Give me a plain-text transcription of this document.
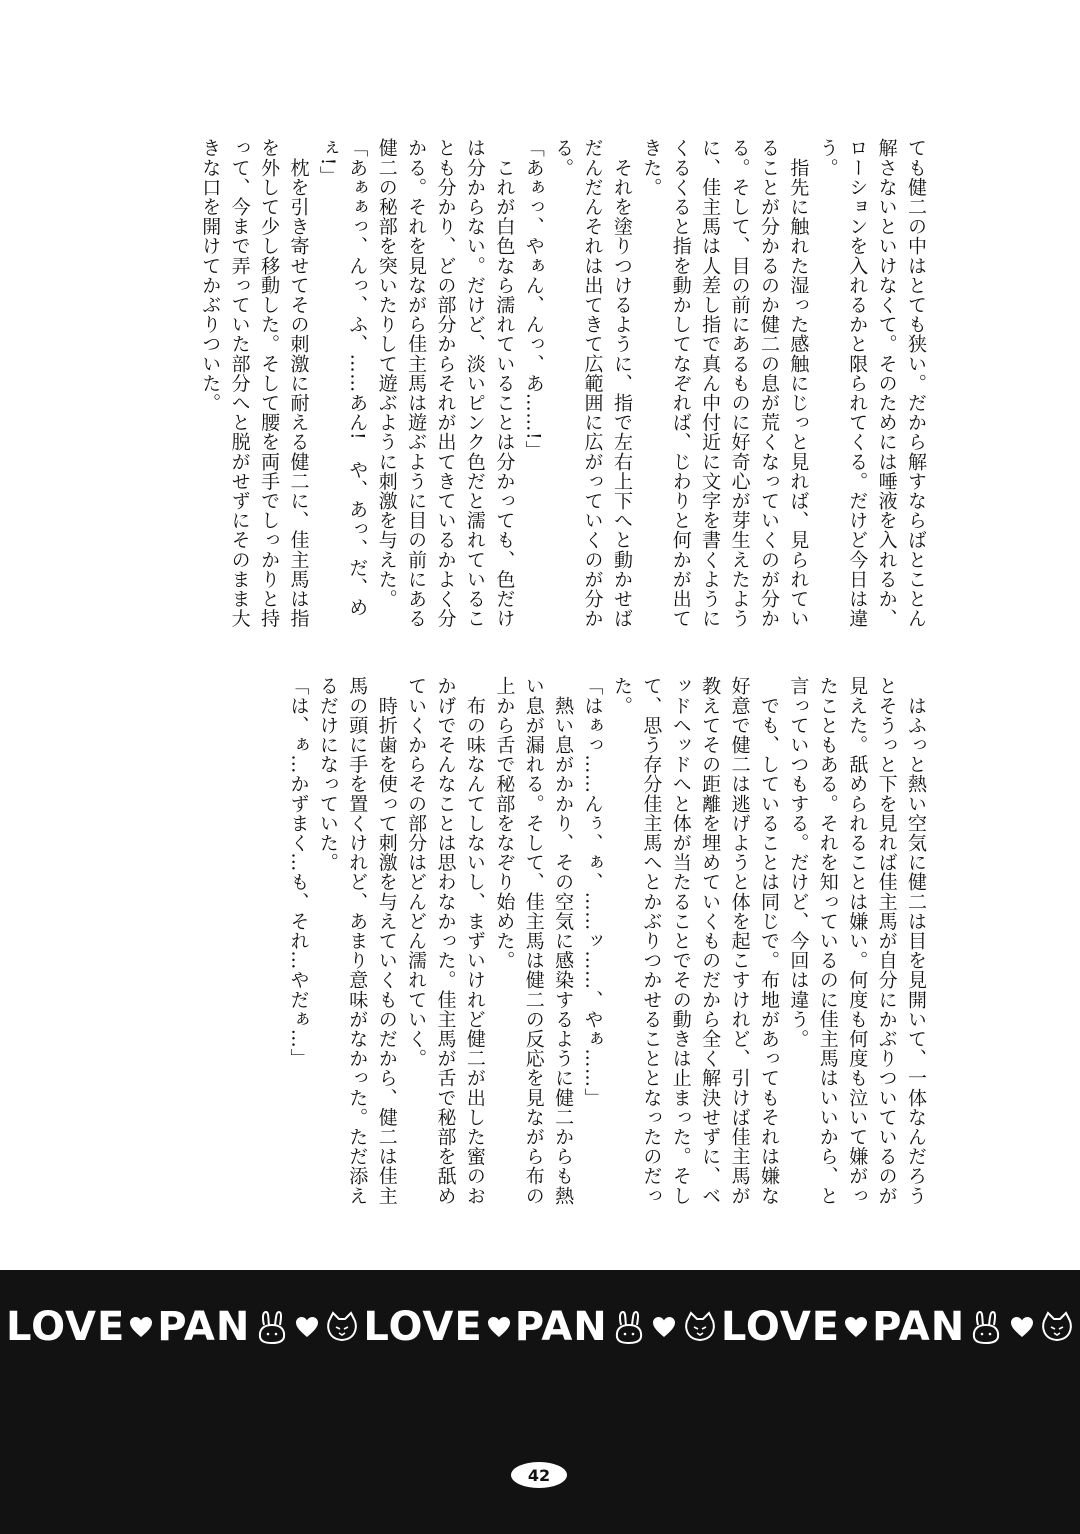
ても健二の中はとても狭い。だから解すならばとことん解さないといけなくて。そのためには唾液を入れるか、ローションを入れるかと限られてくる。だけど今日は違う。

　指先に触れた湿った感触にじっと見れば、見られていることが分かるのか健二の息が荒くなっていくのが分かる。そして、目の前にあるものに好奇心が芽生えたように、佳主馬は人差し指で真ん中付近に文字を書くようにくるくると指を動かしてなぞれば、じわりと何かが出てきた。

　それを塗りつけるように、指で左右上下へと動かせばだんだんそれは出てきて広範囲に広がっていくのが分かる。

「あぁっ、やぁん、んっ、あ……!」

　これが白色なら濡れていることは分かっても、色だけは分からない。だけど、淡いピンク色だと濡れていることも分かり、どの部分からそれが出てきているかよく分かる。それを見ながら佳主馬は遊ぶように目の前にある健二の秘部を突いたりして遊ぶように刺激を与えた。

「あぁぁっ、んっ、ふ、……あん!　や、あっ、だ、めぇ!」

　枕を引き寄せてその刺激に耐える健二に、佳主馬は指を外して少し移動した。そして腰を両手でしっかりと持って、今まで弄っていた部分へと脱がせずにそのまま大きな口を開けてかぶりついた。

　はふっと熱い空気に健二は目を見開いて、一体なんだろうとそうっと下を見れば佳主馬が自分にかぶりついているのが見えた。舐められることは嫌い。何度も何度も泣いて嫌がったこともある。それを知っているのに佳主馬はいいから、と言っていつもする。だけど、今回は違う。

　でも、していることは同じで。布地があってもそれは嫌な好意で健二は逃げようと体を起こすけれど、引けば佳主馬が教えてその距離を埋めていくものだから全く解決せずに、ベッドヘッドへと体が当たることでその動きは止まった。そして、思う存分佳主馬へとかぶりつかせることとなったのだった。

「はぁっ……んぅ、ぁ、……ッ……、やぁ……」

　熱い息がかかり、その空気に感染するように健二からも熱い息が漏れる。そして、佳主馬は健二の反応を見ながら布の上から舌で秘部をなぞり始めた。

　布の味なんてしないし、まずいけれど健二が出した蜜のおかげでそんなことは思わなかった。佳主馬が舌で秘部を舐めていくからその部分はどんどん濡れていく。

　時折歯を使って刺激を与えていくものだから、健二は佳主馬の頭に手を置くけれど、あまり意味がなかった。ただ添えるだけになっていた。

「は、ぁ…かずまく…も、それ…やだぁ…」

LOVE PAN	LOVE PAN	LOVE PAN
42
